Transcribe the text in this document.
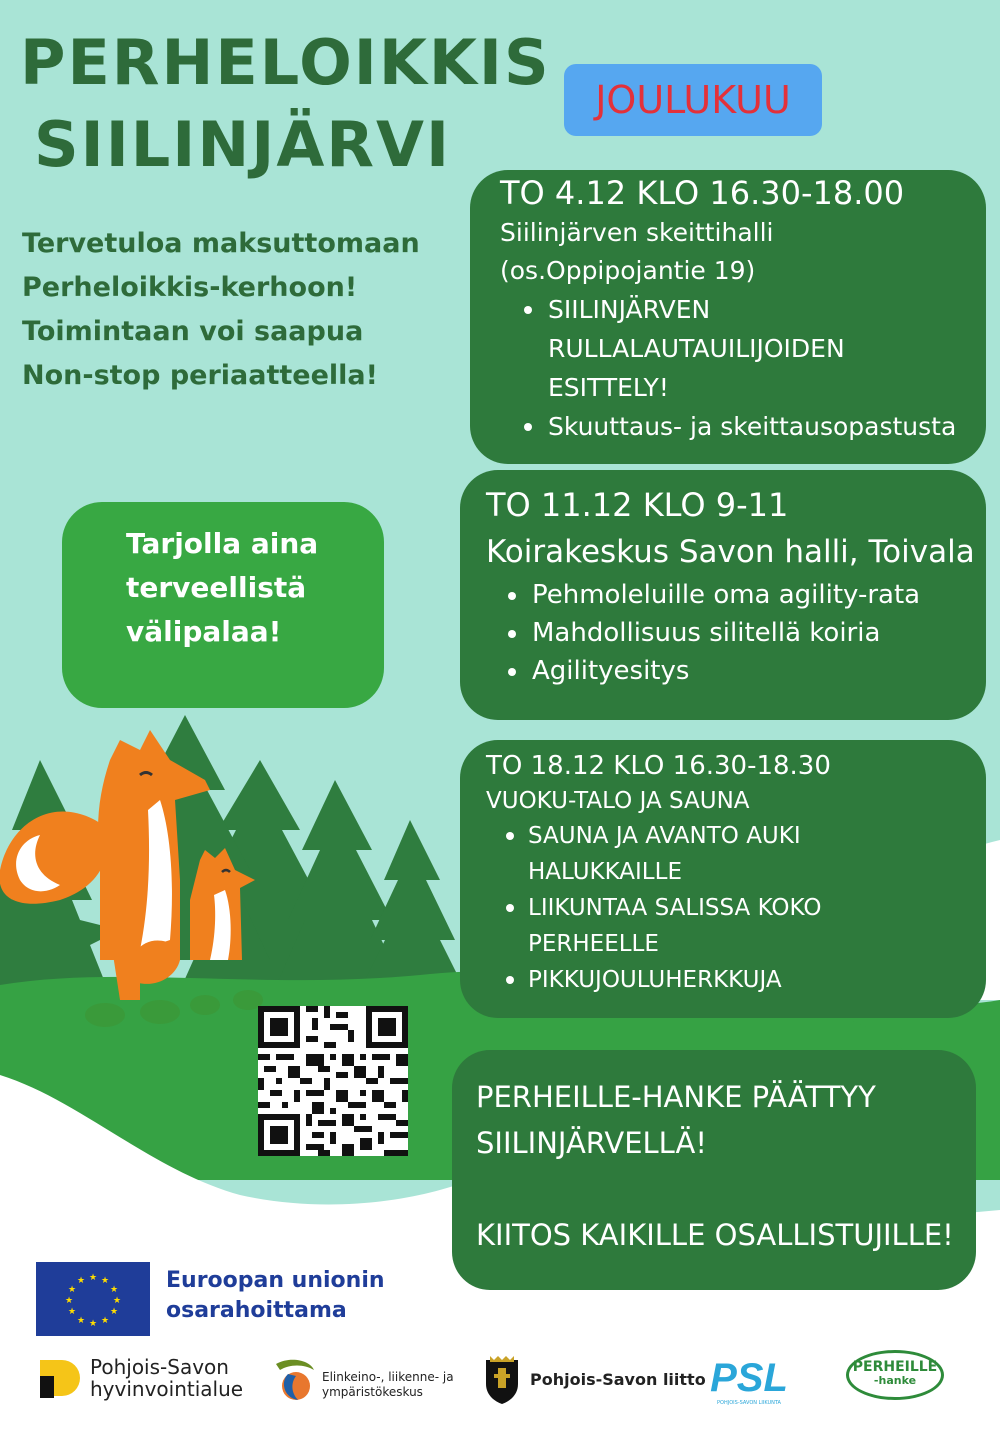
PERHELOIKKIS
SIILINJÄRVI
JOULUKUU
Tervetuloa maksuttomaan
Perheloikkis-kerhoon!
Toimintaan voi saapua
Non-stop periaatteella!
Tarjolla aina
terveellistä
välipalaa!
TO 4.12 KLO 16.30-18.00
Siilinjärven skeittihalli
(os.Oppipojantie 19)
SIILINJÄRVEN RULLALAUTAUILIJOIDEN ESITTELY!
Skuuttaus- ja skeittausopastusta
TO 11.12 KLO 9-11
Koirakeskus Savon halli, Toivala
Pehmoleluille oma agility-rata
Mahdollisuus silitellä koiria
Agilityesitys
TO 18.12 KLO 16.30-18.30
VUOKU-TALO JA SAUNA
SAUNA JA AVANTO AUKI HALUKKAILLE
LIIKUNTAA SALISSA KOKO PERHEELLE
PIKKUJOULUHERKKUJA
PERHEILLE-HANKE PÄÄTTYY
SIILINJÄRVELLÄ!
KIITOS KAIKILLE OSALLISTUJILLE!
★ ★
★
★
★
★
★
★
★
★
★
★	Euroopan unionin
osarahoittama
Pohjois-Savon
hyvinvointialue	Elinkeino-, liikenne- ja
ympäristökeskus
Pohjois-Savon liitto PSL
POHJOIS-SAVON LIIKUNTA
PERHEILLE
-hanke
